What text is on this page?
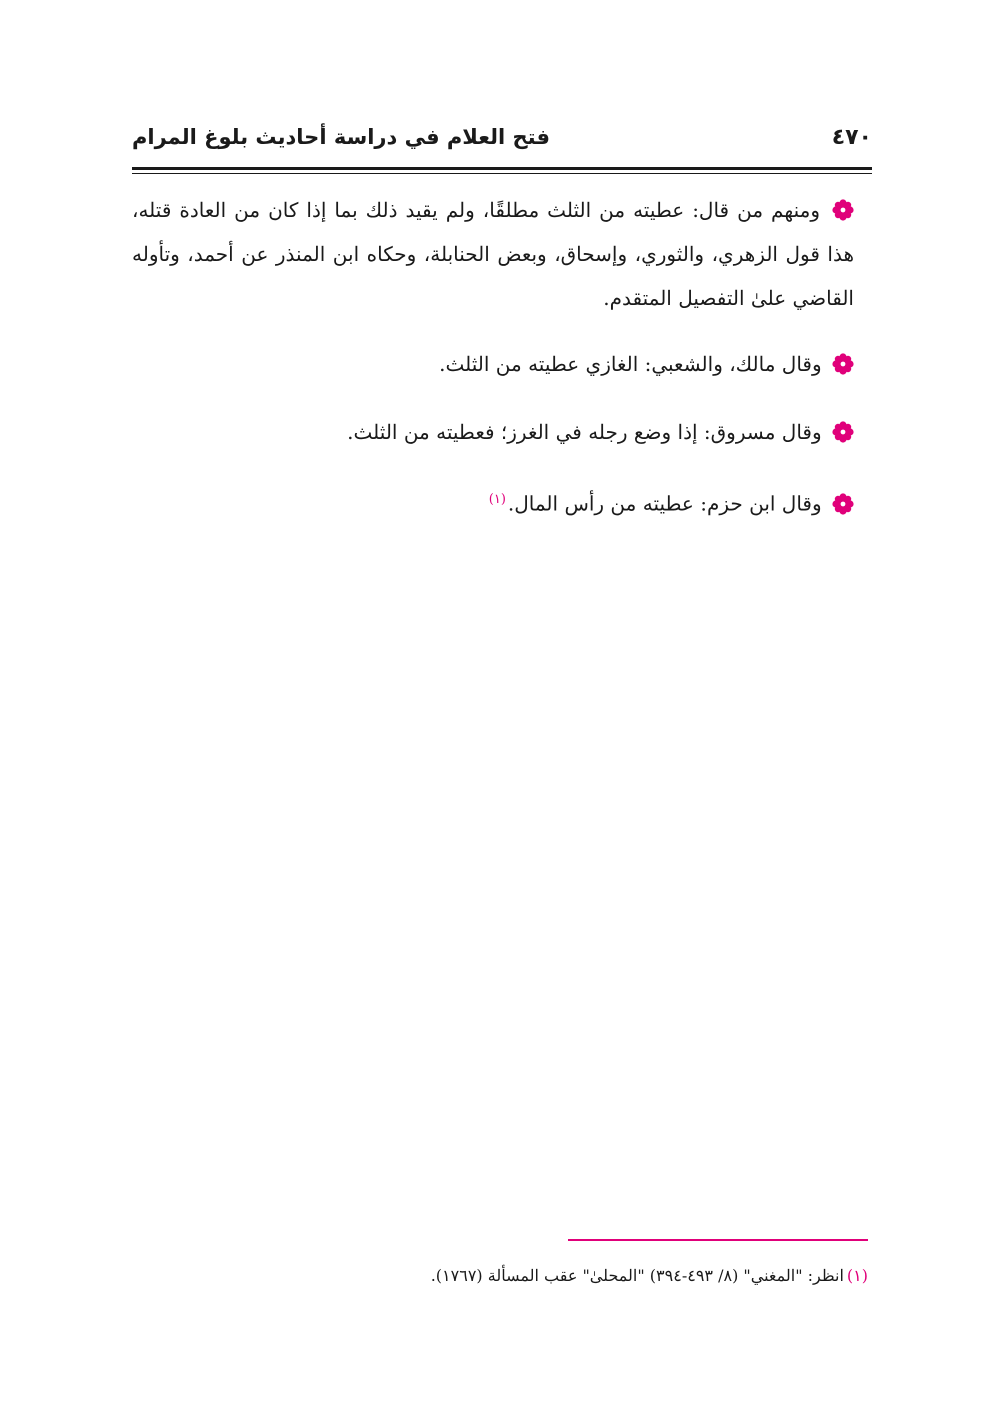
٤٧٠
فتح العلام في دراسة أحاديث بلوغ المرام

ومنهم من قال: عطيته من الثلث مطلقًا، ولم يقيد ذلك بما إذا كان من العادة قتله، هذا قول الزهري، والثوري، وإسحاق، وبعض الحنابلة، وحكاه ابن المنذر عن أحمد، وتأوله القاضي علىٰ التفصيل المتقدم.

وقال مالك، والشعبي: الغازي عطيته من الثلث.

وقال مسروق: إذا وضع رجله في الغرز؛ فعطيته من الثلث.

وقال ابن حزم: عطيته من رأس المال.$^{(١)}$

(١)انظر: "المغني" (٨/ ٤٩٣-٣٩٤) "المحلىٰ" عقب المسألة (١٧٦٧).
